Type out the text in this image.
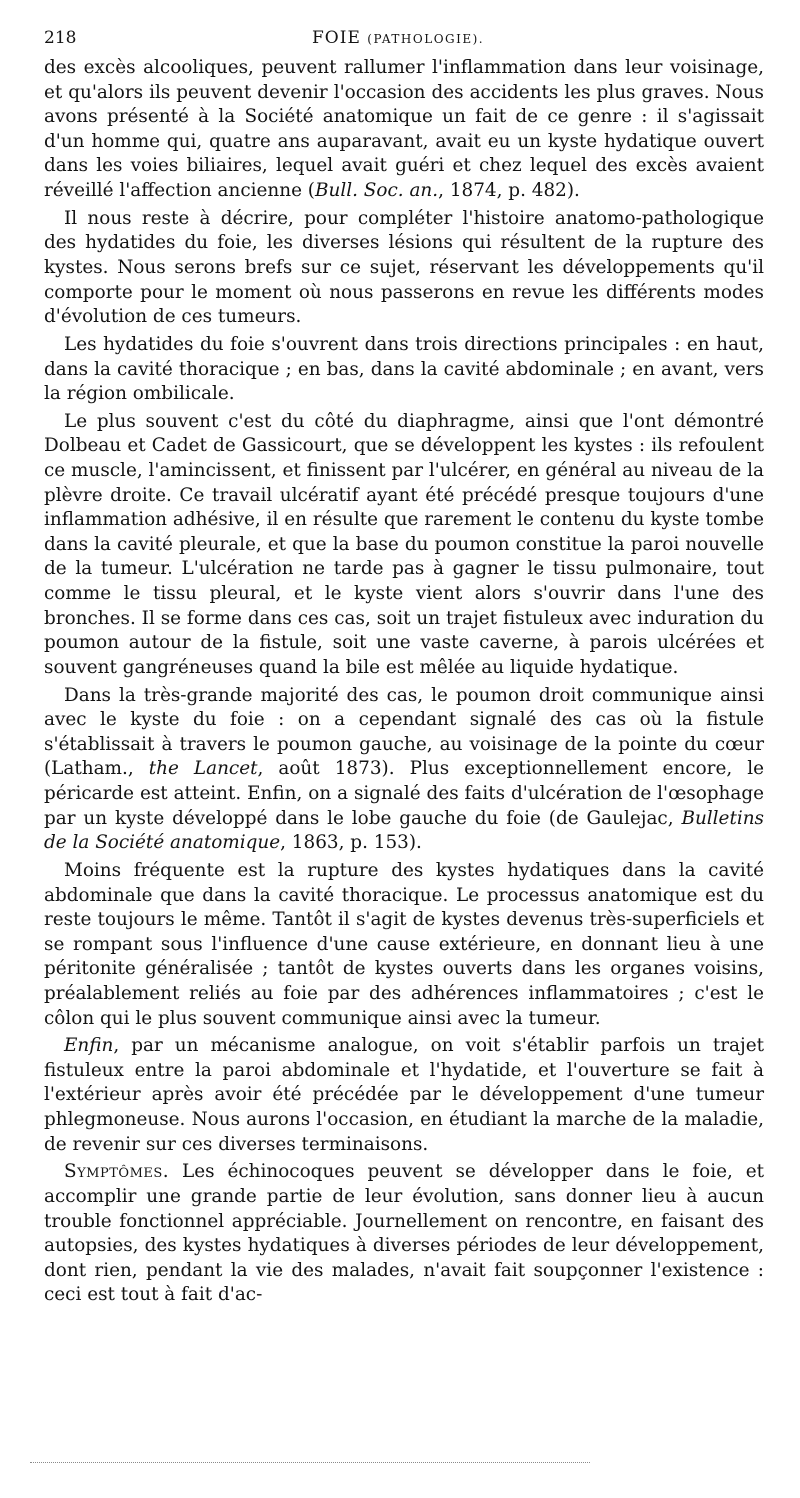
218	FOIE (PATHOLOGIE).

des excès alcooliques, peuvent rallumer l'inflammation dans leur voisinage, et qu'alors ils peuvent devenir l'occasion des accidents les plus graves. Nous avons présenté à la Société anatomique un fait de ce genre : il s'agissait d'un homme qui, quatre ans auparavant, avait eu un kyste hydatique ouvert dans les voies biliaires, lequel avait guéri et chez lequel des excès avaient réveillé l'affection ancienne (Bull. Soc. an., 1874, p. 482).

Il nous reste à décrire, pour compléter l'histoire anatomo-pathologique des hydatides du foie, les diverses lésions qui résultent de la rupture des kystes. Nous serons brefs sur ce sujet, réservant les développements qu'il comporte pour le moment où nous passerons en revue les différents modes d'évolution de ces tumeurs.

Les hydatides du foie s'ouvrent dans trois directions principales : en haut, dans la cavité thoracique ; en bas, dans la cavité abdominale ; en avant, vers la région ombilicale.

Le plus souvent c'est du côté du diaphragme, ainsi que l'ont démontré Dolbeau et Cadet de Gassicourt, que se développent les kystes : ils refoulent ce muscle, l'amincissent, et finissent par l'ulcérer, en général au niveau de la plèvre droite. Ce travail ulcératif ayant été précédé presque toujours d'une inflammation adhésive, il en résulte que rarement le contenu du kyste tombe dans la cavité pleurale, et que la base du poumon constitue la paroi nouvelle de la tumeur. L'ulcération ne tarde pas à gagner le tissu pulmonaire, tout comme le tissu pleural, et le kyste vient alors s'ouvrir dans l'une des bronches. Il se forme dans ces cas, soit un trajet fistuleux avec induration du poumon autour de la fistule, soit une vaste caverne, à parois ulcérées et souvent gangréneuses quand la bile est mêlée au liquide hydatique.

Dans la très-grande majorité des cas, le poumon droit communique ainsi avec le kyste du foie : on a cependant signalé des cas où la fistule s'établissait à travers le poumon gauche, au voisinage de la pointe du cœur (Latham., the Lancet, août 1873). Plus exceptionnellement encore, le péricarde est atteint. Enfin, on a signalé des faits d'ulcération de l'œsophage par un kyste développé dans le lobe gauche du foie (de Gaulejac, Bulletins de la Société anatomique, 1863, p. 153).

Moins fréquente est la rupture des kystes hydatiques dans la cavité abdominale que dans la cavité thoracique. Le processus anatomique est du reste toujours le même. Tantôt il s'agit de kystes devenus très-superficiels et se rompant sous l'influence d'une cause extérieure, en donnant lieu à une péritonite généralisée ; tantôt de kystes ouverts dans les organes voisins, préalablement reliés au foie par des adhérences inflammatoires ; c'est le côlon qui le plus souvent communique ainsi avec la tumeur.

Enfin, par un mécanisme analogue, on voit s'établir parfois un trajet fistuleux entre la paroi abdominale et l'hydatide, et l'ouverture se fait à l'extérieur après avoir été précédée par le développement d'une tumeur phlegmoneuse. Nous aurons l'occasion, en étudiant la marche de la maladie, de revenir sur ces diverses terminaisons.

Symptômes. Les échinocoques peuvent se développer dans le foie, et accomplir une grande partie de leur évolution, sans donner lieu à aucun trouble fonctionnel appréciable. Journellement on rencontre, en faisant des autopsies, des kystes hydatiques à diverses périodes de leur développement, dont rien, pendant la vie des malades, n'avait fait soupçonner l'existence : ceci est tout à fait d'ac-
